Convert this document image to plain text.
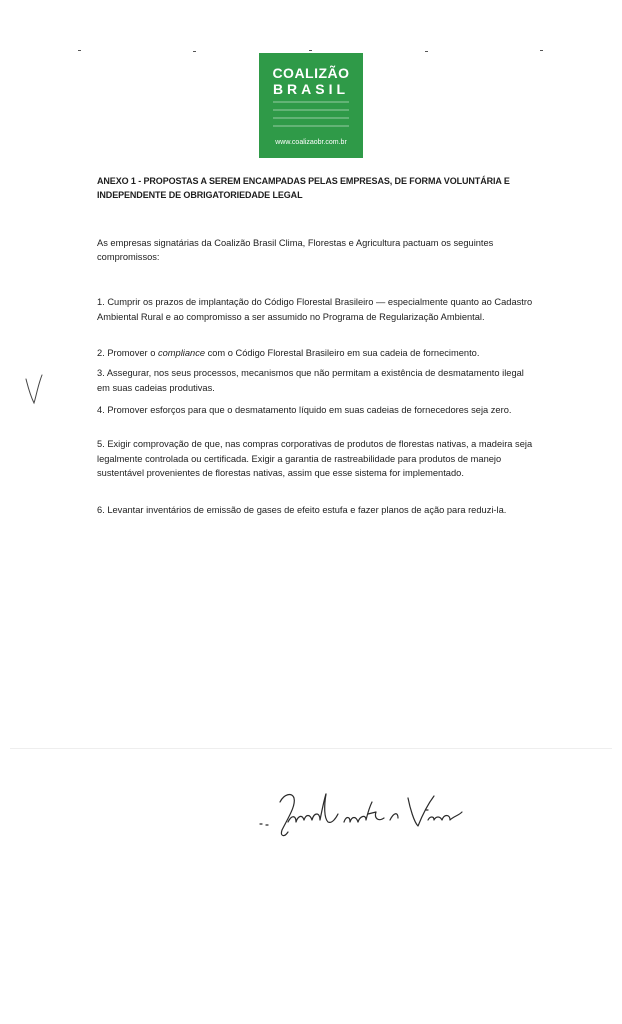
COALIZÃO
BRASIL
www.coalizaobr.com.br
ANEXO 1 - PROPOSTAS A SEREM ENCAMPADAS PELAS EMPRESAS, DE FORMA VOLUNTÁRIA E INDEPENDENTE DE OBRIGATORIEDADE LEGAL
As empresas signatárias da Coalizão Brasil Clima, Florestas e Agricultura pactuam os seguintes compromissos:
1. Cumprir os prazos de implantação do Código Florestal Brasileiro — especialmente quanto ao Cadastro Ambiental Rural e ao compromisso a ser assumido no Programa de Regularização Ambiental.
2. Promover o compliance com o Código Florestal Brasileiro em sua cadeia de fornecimento.
3. Assegurar, nos seus processos, mecanismos que não permitam a existência de desmatamento ilegal em suas cadeias produtivas.
4. Promover esforços para que o desmatamento líquido em suas cadeias de fornecedores seja zero.
5. Exigir comprovação de que, nas compras corporativas de produtos de florestas nativas, a madeira seja legalmente controlada ou certificada. Exigir a garantia de rastreabilidade para produtos de manejo sustentável provenientes de florestas nativas, assim que esse sistema for implementado.
6. Levantar inventários de emissão de gases de efeito estufa e fazer planos de ação para reduzi-la.
